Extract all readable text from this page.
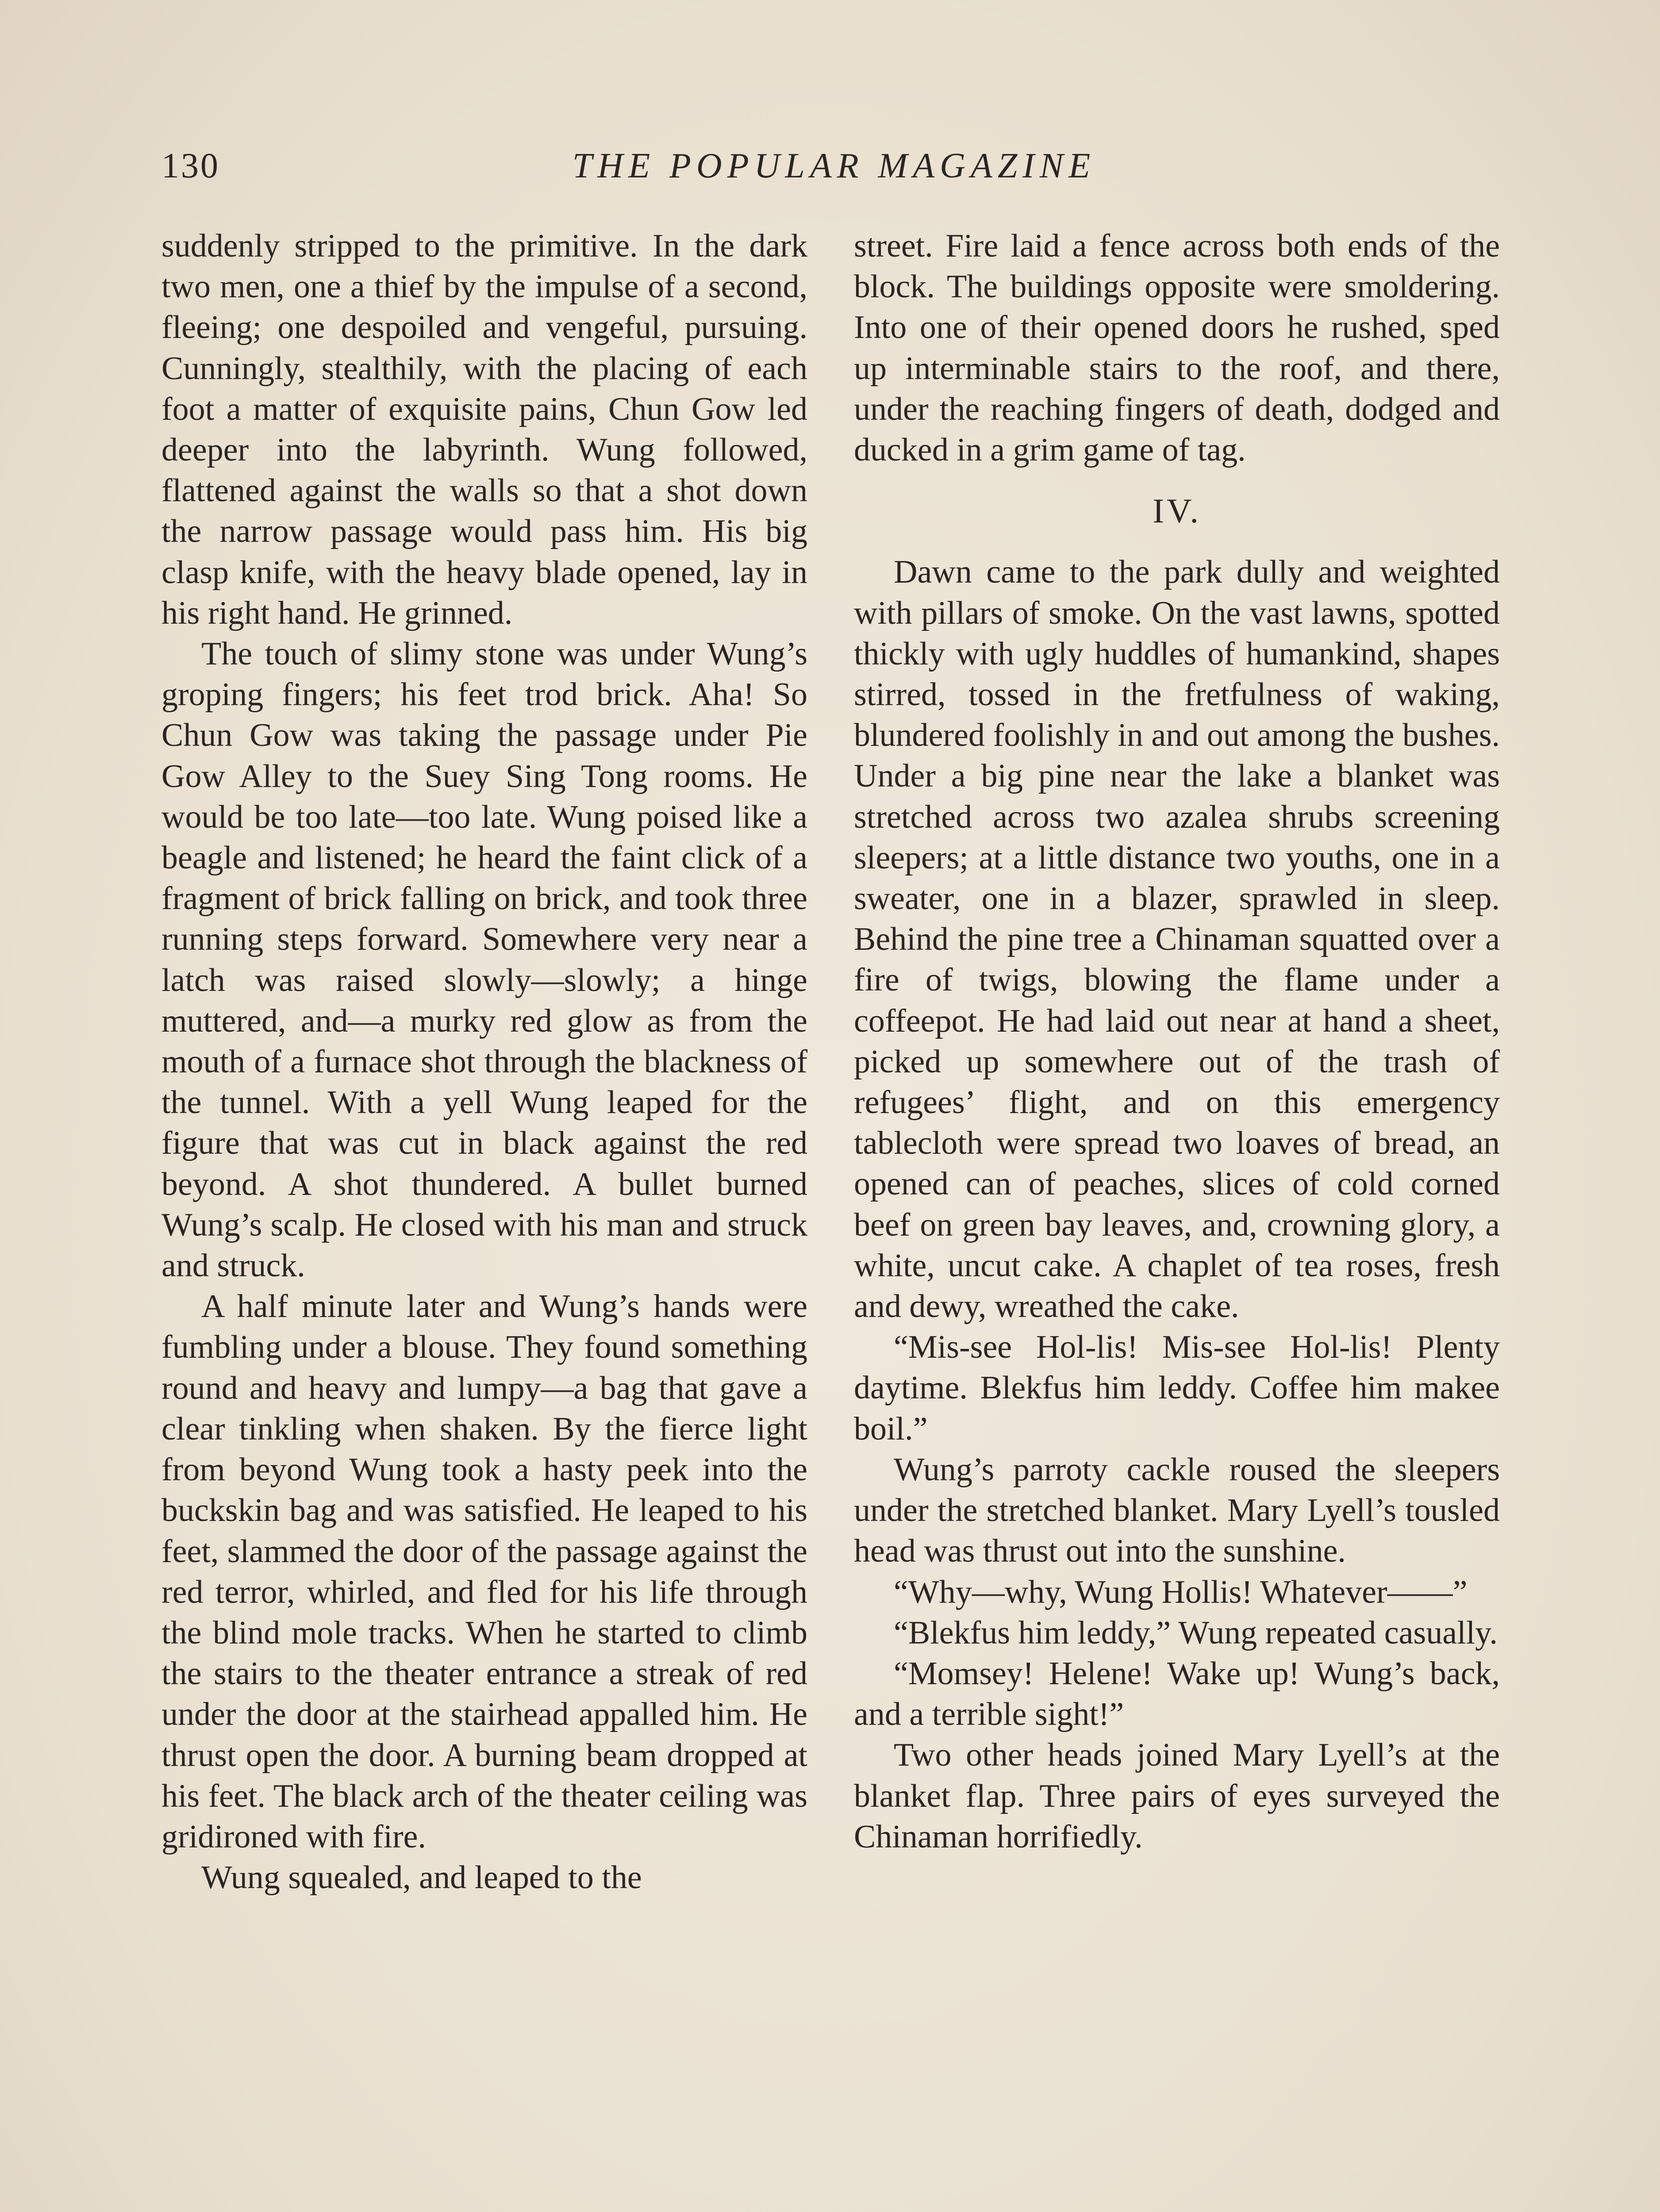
130	THE POPULAR MAGAZINE

suddenly stripped to the primitive. In the dark two men, one a thief by the impulse of a second, fleeing; one despoiled and vengeful, pursuing. Cunningly, stealthily, with the placing of each foot a matter of exquisite pains, Chun Gow led deeper into the labyrinth. Wung followed, flattened against the walls so that a shot down the narrow passage would pass him. His big clasp knife, with the heavy blade opened, lay in his right hand. He grinned.

The touch of slimy stone was under Wung’s groping fingers; his feet trod brick. Aha! So Chun Gow was taking the passage under Pie Gow Alley to the Suey Sing Tong rooms. He would be too late—too late. Wung poised like a beagle and listened; he heard the faint click of a fragment of brick falling on brick, and took three running steps forward. Somewhere very near a latch was raised slowly—slowly; a hinge muttered, and—a murky red glow as from the mouth of a furnace shot through the blackness of the tunnel. With a yell Wung leaped for the figure that was cut in black against the red beyond. A shot thundered. A bullet burned Wung’s scalp. He closed with his man and struck and struck.

A half minute later and Wung’s hands were fumbling under a blouse. They found something round and heavy and lumpy—a bag that gave a clear tinkling when shaken. By the fierce light from beyond Wung took a hasty peek into the buckskin bag and was satisfied. He leaped to his feet, slammed the door of the passage against the red terror, whirled, and fled for his life through the blind mole tracks. When he started to climb the stairs to the theater entrance a streak of red under the door at the stairhead appalled him. He thrust open the door. A burning beam dropped at his feet. The black arch of the theater ceiling was gridironed with fire.

Wung squealed, and leaped to the

street. Fire laid a fence across both ends of the block. The buildings opposite were smoldering. Into one of their opened doors he rushed, sped up interminable stairs to the roof, and there, under the reaching fingers of death, dodged and ducked in a grim game of tag.

IV.

Dawn came to the park dully and weighted with pillars of smoke. On the vast lawns, spotted thickly with ugly huddles of humankind, shapes stirred, tossed in the fretfulness of waking, blundered foolishly in and out among the bushes. Under a big pine near the lake a blanket was stretched across two azalea shrubs screening sleepers; at a little distance two youths, one in a sweater, one in a blazer, sprawled in sleep. Behind the pine tree a Chinaman squatted over a fire of twigs, blowing the flame under a coffeepot. He had laid out near at hand a sheet, picked up somewhere out of the trash of refugees’ flight, and on this emergency tablecloth were spread two loaves of bread, an opened can of peaches, slices of cold corned beef on green bay leaves, and, crowning glory, a white, uncut cake. A chaplet of tea roses, fresh and dewy, wreathed the cake.

“Mis-see Hol-lis! Mis-see Hol-lis! Plenty daytime. Blekfus him leddy. Coffee him makee boil.”

Wung’s parroty cackle roused the sleepers under the stretched blanket. Mary Lyell’s tousled head was thrust out into the sunshine.

“Why—why, Wung Hollis! Whatever——”

“Blekfus him leddy,” Wung repeated casually.

“Momsey! Helene! Wake up! Wung’s back, and a terrible sight!”

Two other heads joined Mary Lyell’s at the blanket flap. Three pairs of eyes surveyed the Chinaman horrifiedly.
